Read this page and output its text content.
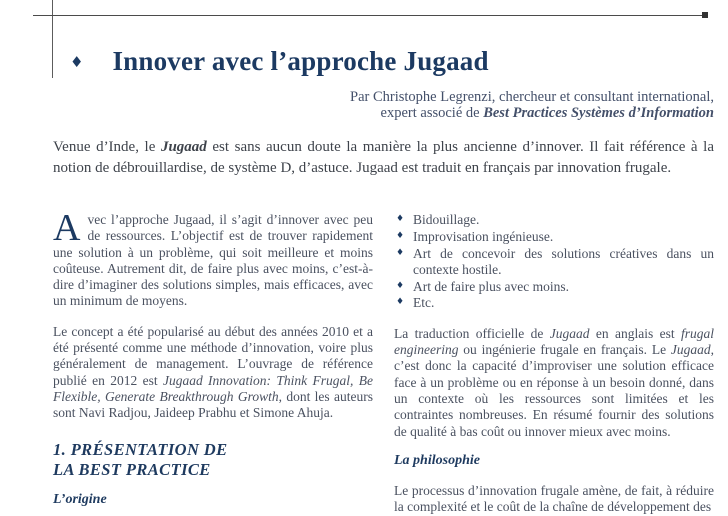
♦ Innover avec l’approche Jugaad
Par Christophe Legrenzi, chercheur et consultant international,
expert associé de Best Practices Systèmes d’Information
Venue d’Inde, le Jugaad est sans aucun doute la manière la plus ancienne d’innover. Il fait référence à la notion de débrouillardise, de système D, d’astuce. Jugaad est traduit en français par innovation frugale.

Avec l’approche Jugaad, il s’agit d’innover avec peu de ressources. L’objectif est de trouver rapidement une solution à un problème, qui soit meilleure et moins coûteuse. Autrement dit, de faire plus avec moins, c’est-à-dire d’imaginer des solutions simples, mais efficaces, avec un minimum de moyens.

Le concept a été popularisé au début des années 2010 et a été présenté comme une méthode d’innovation, voire plus généralement de management. L’ouvrage de référence publié en 2012 est Jugaad Innovation: Think Frugal, Be Flexible, Generate Breakthrough Growth, dont les auteurs sont Navi Radjou, Jaideep Prabhu et Simone Ahuja.

1. PRÉSENTATION DE
LA BEST PRACTICE
L’origine
♦ Bidouillage.
♦ Improvisation ingénieuse.
♦ Art de concevoir des solutions créatives dans un contexte hostile.
♦ Art de faire plus avec moins.
♦ Etc.

La traduction officielle de Jugaad en anglais est frugal engineering ou ingénierie frugale en français. Le Jugaad, c’est donc la capacité d’improviser une solution efficace face à un problème ou en réponse à un besoin donné, dans un contexte où les ressources sont limitées et les contraintes nombreuses. En résumé fournir des solutions de qualité à bas coût ou innover mieux avec moins.

La philosophie

Le processus d’innovation frugale amène, de fait, à réduire la complexité et le coût de la chaîne de développement des
